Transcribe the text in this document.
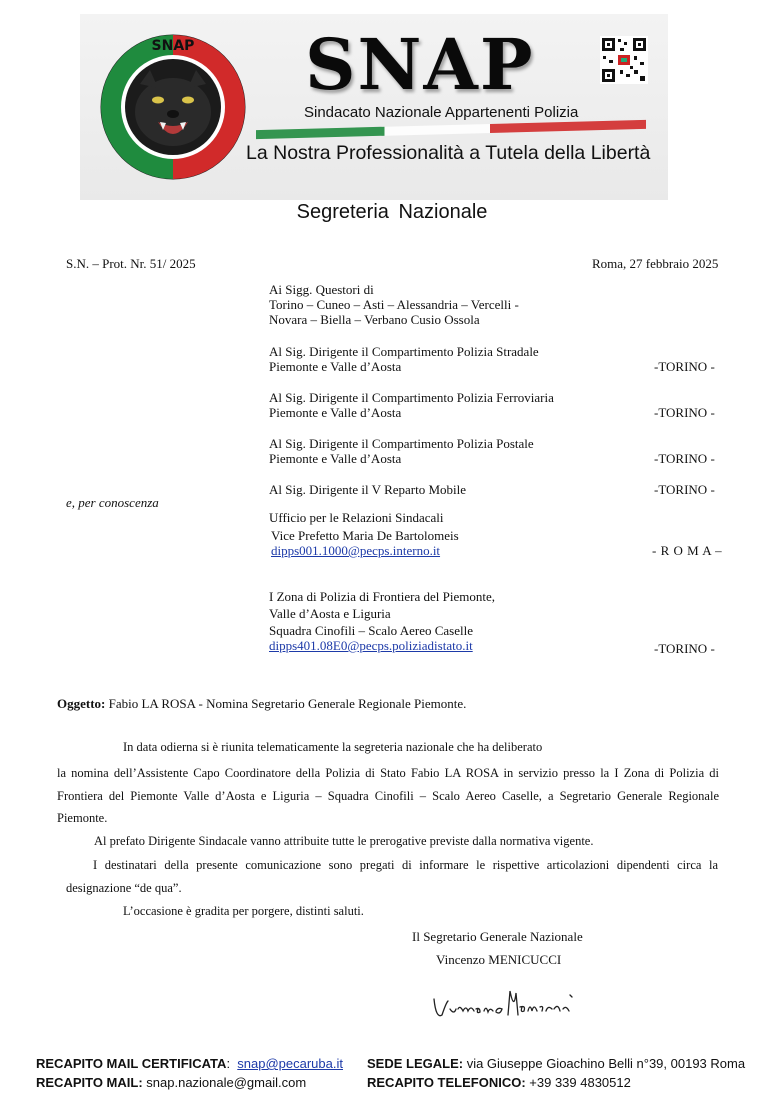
SNAP SNAP
Sindacato Nazionale Appartenenti Polizia
La Nostra Professionalità a Tutela della Libertà
Segreteria Nazionale
S.N. – Prot. Nr. 51/ 2025	Roma, 27 febbraio 2025
Ai Sigg. Questori di
Torino – Cuneo – Asti – Alessandria – Vercelli -
Novara – Biella – Verbano Cusio Ossola
Al Sig. Dirigente il Compartimento Polizia Stradale
Piemonte e Valle d’Aosta	-TORINO -
Al Sig. Dirigente il Compartimento Polizia Ferroviaria
Piemonte e Valle d’Aosta	-TORINO -
Al Sig. Dirigente il Compartimento Polizia Postale
Piemonte e Valle d’Aosta	-TORINO -
Al Sig. Dirigente il V Reparto Mobile	-TORINO -
e, per conoscenza
Ufficio per le Relazioni Sindacali
Vice Prefetto Maria De Bartolomeis
dipps001.1000@pecps.interno.it	- R O M A –
I Zona di Polizia di Frontiera del Piemonte,
Valle d’Aosta e Liguria
Squadra Cinofili – Scalo Aereo Caselle
dipps401.08E0@pecps.poliziadistato.it	-TORINO -
Oggetto: Fabio LA ROSA - Nomina Segretario Generale Regionale Piemonte.
In data odierna si è riunita telematicamente la segreteria nazionale che ha deliberato
la nomina dell’Assistente Capo Coordinatore della Polizia di Stato Fabio LA ROSA in servizio presso la I Zona di Polizia di Frontiera del Piemonte Valle d’Aosta e Liguria – Squadra Cinofili – Scalo Aereo Caselle, a Segretario Generale Regionale Piemonte.
Al prefato Dirigente Sindacale vanno attribuite tutte le prerogative previste dalla normativa vigente.
I destinatari della presente comunicazione sono pregati di informare le rispettive articolazioni dipendenti circa la designazione “de qua”.
L’occasione è gradita per porgere, distinti saluti.
Il Segretario Generale Nazionale
Vincenzo MENICUCCI
RECAPITO MAIL CERTIFICATA:  snap@pecaruba.it
RECAPITO MAIL: snap.nazionale@gmail.com
SEDE LEGALE: via Giuseppe Gioachino Belli n°39, 00193 Roma
RECAPITO TELEFONICO: +39 339 4830512
